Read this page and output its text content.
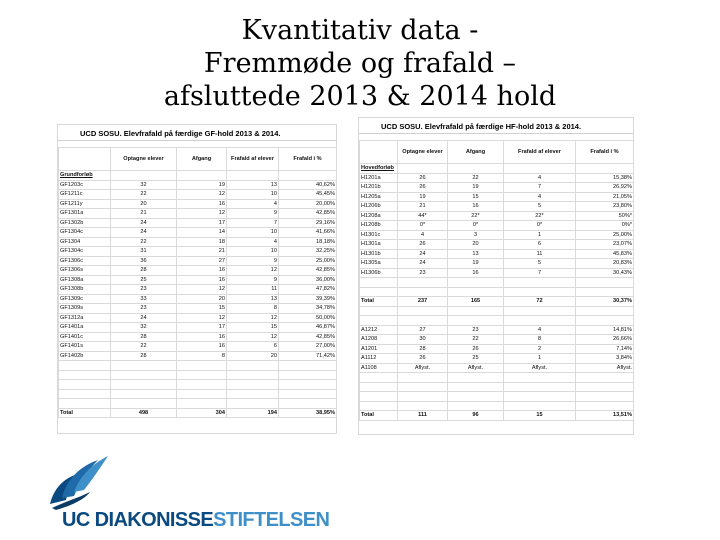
Kvantitativ data -
Fremmøde og frafald –
afsluttede 2013 & 2014 hold
UCD SOSU. Elevfrafald på færdige GF-hold 2013 & 2014.
	Optagne elever	Afgang	Frafald af elever	Frafald i %
Grundforløb				
GF1203c	32	19	13	40,62%
GF1211c	22	12	10	45,45%
GF1211y	20	16	4	20,00%
GF1301a	21	12	9	42,85%
GF1302b	24	17	7	29,16%
GF1304c	24	14	10	41,66%
GF1304	22	18	4	18,18%
GF1304c	31	21	10	32,25%
GF1306c	36	27	9	25,00%
GF1306s	28	16	12	42,85%
GF1308a	25	16	9	36,00%
GF1308b	23	12	11	47,82%
GF1309c	33	20	13	39,39%
GF1309s	23	15	8	34,78%
GF1312a	24	12	12	50,00%
GF1401a	32	17	15	46,87%
GF1401c	28	16	12	42,85%
GF1401s	22	16	6	27,00%
GF1402b	28	8	20	71,42%

Total	498	304	194	38,95%
UCD SOSU. Elevfrafald på færdige HF-hold 2013 & 2014.
	Optagne elever	Afgang	Frafald af elever	Frafald i %
Hovedforløb				
H1201a	26	22	4	15,38%
H1201b	26	19	7	26,92%
H1205a	19	15	4	21,05%
H1206b	21	16	5	23,80%
H1208a	44*	22*	22*	50%*
H1208b	0*	0*	0*	0%*
H1301c	4	3	1	25,00%
H1301a	26	20	6	23,07%
H1301b	24	13	11	45,83%
H1305a	24	19	5	20,83%
H1306b	23	16	7	30,43%

Total	237	165	72	30,37%

A1212	27	23	4	14,81%
A1208	30	22	8	26,66%
A1201	28	26	2	7,14%
A1112	26	25	1	3,84%
A1108	Aflyst.	Aflyst.	Aflyst.	Aflyst.

Total	111	96	15	13,51%
UC DIAKONISSESTIFTELSEN
